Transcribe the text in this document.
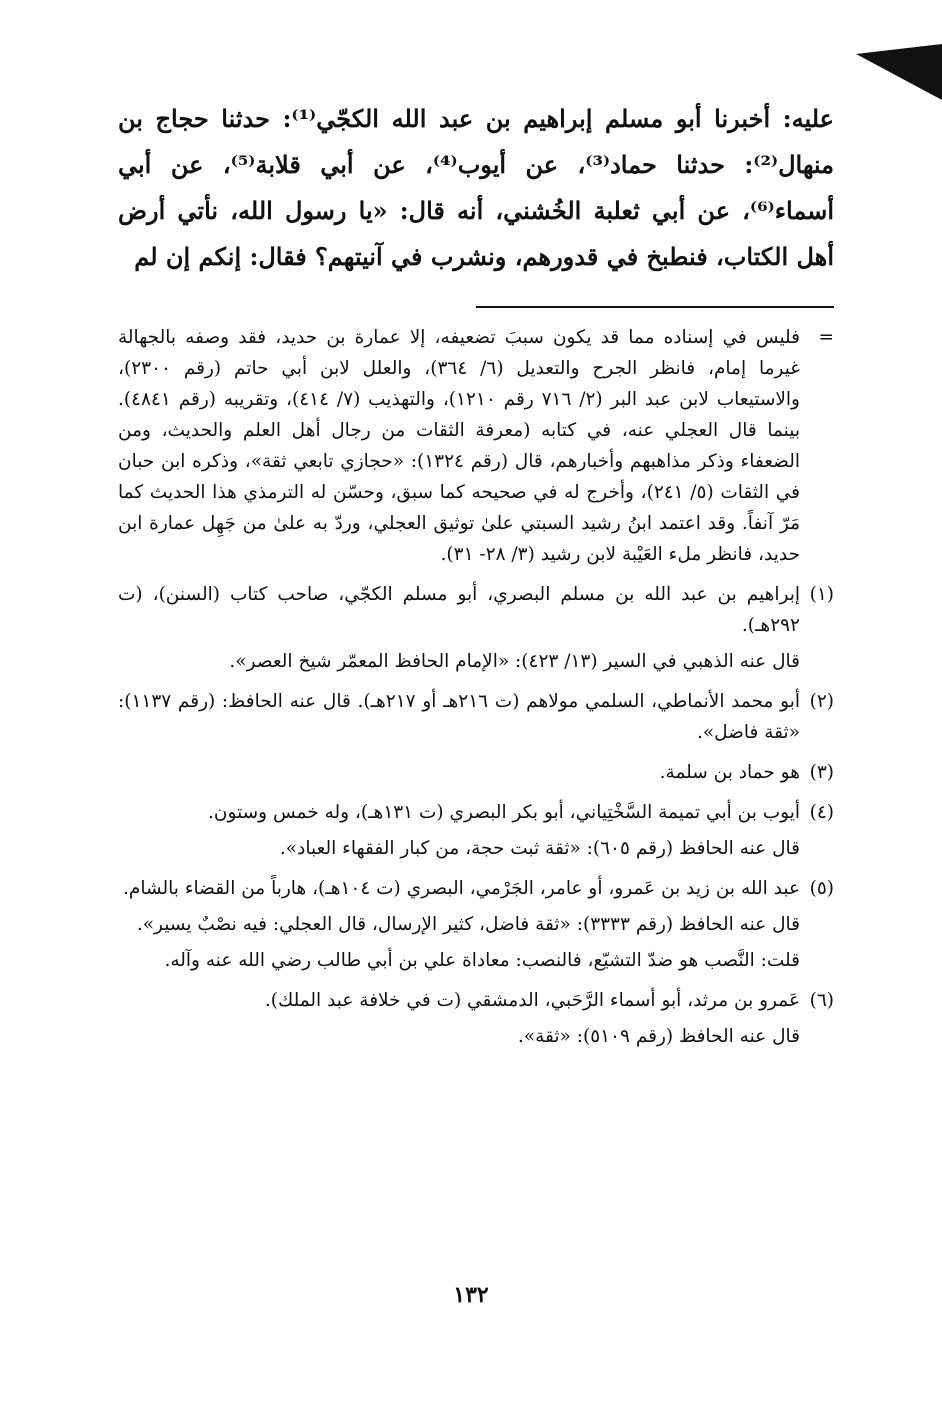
عليه: أخبرنا أبو مسلم إبراهيم بن عبد الله الكجّي⁽¹⁾: حدثنا حجاج بن منهال⁽²⁾: حدثنا حماد⁽³⁾، عن أيوب⁽⁴⁾، عن أبي قلابة⁽⁵⁾، عن أبي أسماء⁽⁶⁾، عن أبي ثعلبة الخُشني، أنه قال: «يا رسول الله، نأتي أرض أهل الكتاب، فنطبخ في قدورهم، ونشرب في آنيتهم؟ فقال: إنكم إن لم

=

فليس في إسناده مما قد يكون سببَ تضعيفه، إلا عمارة بن حديد، فقد وصفه بالجهالة غيرما إمام، فانظر الجرح والتعديل (٦/ ٣٦٤)، والعلل لابن أبي حاتم (رقم ٢٣٠٠)، والاستيعاب لابن عبد البر (٢/ ٧١٦ رقم ١٢١٠)، والتهذيب (٧/ ٤١٤)، وتقريبه (رقم ٤٨٤١). بينما قال العجلي عنه، في كتابه (معرفة الثقات من رجال أهل العلم والحديث، ومن الضعفاء وذكر مذاهبهم وأخبارهم، قال (رقم ١٣٢٤): «حجازي تابعي ثقة»، وذكره ابن حبان في الثقات (٥/ ٢٤١)، وأخرج له في صحيحه كما سبق، وحسّن له الترمذي هذا الحديث كما مَرّ آنفاً. وقد اعتمد ابنُ رشيد السبتي علىٰ توثيق العجلي، وردّ به علىٰ من جَهِل عمارة ابن حديد، فانظر ملء العَيْبة لابن رشيد (٣/ ٢٨- ٣١).

(١)

إبراهيم بن عبد الله بن مسلم البصري، أبو مسلم الكجّي، صاحب كتاب (السنن)، (ت ٢٩٢هـ).

قال عنه الذهبي في السير (١٣/ ٤٢٣): «الإمام الحافظ المعمّر شيخ العصر».

(٢)

أبو محمد الأنماطي، السلمي مولاهم (ت ٢١٦هـ أو ٢١٧هـ). قال عنه الحافظ: (رقم ١١٣٧): «ثقة فاضل».

(٣)

هو حماد بن سلمة.

(٤)

أيوب بن أبي تميمة السَّخْتِياني، أبو بكر البصري (ت ١٣١هـ)، وله خمس وستون.

قال عنه الحافظ (رقم ٦٠٥): «ثقة ثبت حجة، من كبار الفقهاء العباد».

(٥)

عبد الله بن زيد بن عَمرو، أو عامر، الجَرْمي، البصري (ت ١٠٤هـ)، هارباً من القضاء بالشام.

قال عنه الحافظ (رقم ٣٣٣٣): «ثقة فاضل، كثير الإرسال، قال العجلي: فيه نصْبٌ يسير».

قلت: النَّصب هو ضدّ التشيّع، فالنصب: معاداة علي بن أبي طالب رضي الله عنه وآله.

(٦)

عَمرو بن مرثد، أبو أسماء الرَّحَبي، الدمشقي (ت في خلافة عبد الملك).

قال عنه الحافظ (رقم ٥١٠٩): «ثقة».

١٣٢
